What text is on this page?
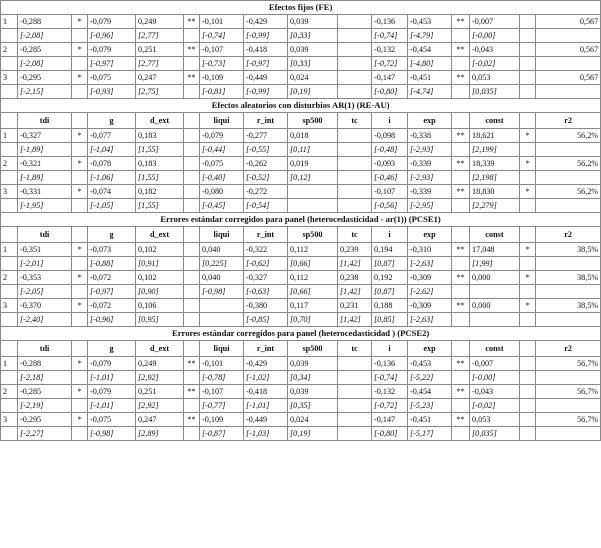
Efectos fijos (FE)															
1	-0,288	*	-0,079	0,249	**	-0,101	-0,429	0,039		-0,136	-0,453	**	-0,007		0,567
	[-2,08]		[-0,96]	[2,77]		[-0,74]	[-0,99]	[0,33]		[-0,74]	[-4,79]		[-0,00]		
2	-0,285	*	-0,079	0,251	**	-0,107	-0,418	0,039		-0,132	-0,454	**	-0,043		0,567
	[-2,08]		[-0,97]	[2,77]		[-0,73]	[-0,97]	[0,33]		[-0,72]	[-4,80]		[-0,02]		
3	-0,295	*	-0,075	0,247	**	-0,109	-0,449	0,024		-0,147	-0,451	**	0,053		0,567
	[-2,15]		[-0,93]	[2,75]		[-0,81]	[-0,99]	[0,19]		[-0,80]	[-4,74]		[0,035]		
Efectos aleatorios con disturbios AR(1) (RE-AU)															
	tdi		g	d_ext		liqui	r_int	sp500	tc	i	exp		const		r2
1	-0,327	*	-0,077	0,183		-0,079	-0,277	0,018		-0,098	-0,338	**	18,621	*	56,2%
	[-1,89]		[-1,04]	[1,55]		[-0,44]	[-0,55]	[0,11]		[-0,48]	[-2,93]		[2,199]		
2	-0,321	*	-0,078	0,183		-0,075	-0,262	0,019		-0,093	-0,339	**	18,339	*	56,2%
	[-1,89]		[-1,06]	[1,55]		[-0,40]	[-0,52]	[0,12]		[-0,46]	[-2,93]		[2,198]		
3	-0,331	*	-0,074	0,182		-0,080	-0,272			-0,107	-0,339	**	18,830	*	56,2%
	[-1,95]		[-1,05]	[1,55]		[-0,45]	[-0,54]			[-0,56]	[-2,95]		[2,279]		
Errores estándar corregidos para panel (heterocedasticidad - ar(1)) (PCSE1)															
	tdi		g	d_ext		liqui	r_int	sp500	tc	i	exp		const		r2
1	-0,351	*	-0,073	0,102		0,040	-0,322	0,112	0,239	0,194	-0,310	**	17,048	*	38,5%
	[-2,01]		[-0,88]	[0,91]		[0,225]	[-0,62]	[0,66]	[1,42]	[0,87]	[-2,63]		[1,99]		
2	-0,353	*	-0,072	0,102		0,040	-0,327	0,112	0,238	0,192	-0,309	**	0,000	*	38,5%
	[-2,05]		[-0,97]	[0,90]		[-0,98]	[-0,63]	[0,66]	[1,42]	[0,87]	[-2,62]				
3	-0,370	*	-0,072	0,106			-0,380	0,117	0,231	0,188	-0,309	**	0,000	*	38,5%
	[-2,40]		[-0,96]	[0,95]			[-0,85]	[0,70]	[1,42]	[0,85]	[-2,63]				
Errores estándar corregidos para panel (heterocedasticidad ) (PCSE2)															
	tdi		g	d_ext		liqui	r_int	sp500	tc	i	exp		const		r2
1	-0,288	*	-0,079	0,249	**	-0,101	-0,429	0,039		-0,136	-0,453	**	-0,007		56,7%
	[-2,18]		[-1,01]	[2,92]		[-0,78]	[-1,02]	[0,34]		[-0,74]	[-5,22]		[-0,00]		
2	-0,285	*	-0,079	0,251	**	-0,107	-0,418	0,039		-0,132	-0,454	**	-0,043		56,7%
	[-2,19]		[-1,01]	[2,92]		[-0,77]	[-1,01]	[0,35]		[-0,72]	[-5,23]		[-0,02]		
3	-0,295	*	-0,075	0,247	**	-0,109	-0,449	0,024		-0,147	-0,451	**	0,053		56,7%
	[-2,27]		[-0,98]	[2,89]		[-0,87]	[-1,03]	[0,19]		[-0,80]	[-5,17]		[0,035]		
